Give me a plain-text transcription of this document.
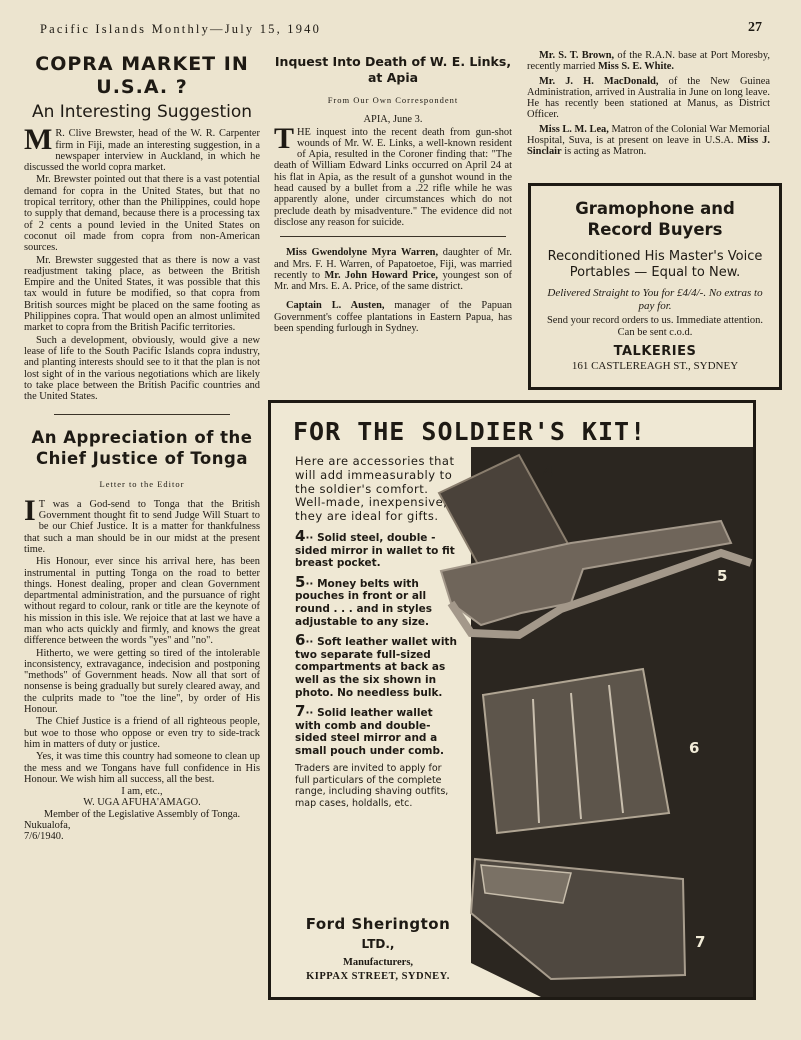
Pacific Islands Monthly—July 15, 1940	27
COPRA MARKET IN U.S.A. ?
An Interesting Suggestion

M R. Clive Brewster, head of the W. R. Carpenter firm in Fiji, made an interesting suggestion, in a newspaper interview in Auckland, in which he discussed the world copra market.

Mr. Brewster pointed out that there is a vast potential demand for copra in the United States, but that no tropical territory, other than the Philippines, could hope to supply that demand, because there is a processing tax of 2 cents a pound levied in the United States on coconut oil made from copra from non-American sources.

Mr. Brewster suggested that as there is now a vast readjustment taking place, as between the British Empire and the United States, it was possible that this tax would in future be modified, so that copra from British sources might be placed on the same footing as Philippines copra. That would open an almost unlimited market to copra from the British Pacific territories.

Such a development, obviously, would give a new lease of life to the South Pacific Islands copra industry, and planting interests should see to it that the plan is not lost sight of in the various negotiations which are likely to take place between the British Pacific countries and the United States.

An Appreciation of the Chief Justice of Tonga
Letter to the Editor

I T was a God-send to Tonga that the British Government thought fit to send Judge Will Stuart to be our Chief Justice. It is a matter for thankfulness that such a man should be in our midst at the present time.

His Honour, ever since his arrival here, has been instrumental in putting Tonga on the road to better things. Honest dealing, proper and clean Government departmental administration, and the pursuance of right without regard to colour, rank or title are the keynote of his mission in this isle. We rejoice that at last we have a man who acts quickly and firmly, and knows the great difference between the words "yes" and "no".

Hitherto, we were getting so tired of the intolerable inconsistency, extravagance, indecision and postponing "methods" of Government heads. Now all that sort of nonsense is being gradually but surely cleared away, and the culprits made to "toe the line", by order of His Honour.

The Chief Justice is a friend of all righteous people, but woe to those who oppose or even try to side-track him in matters of duty or justice.

Yes, it was time this country had someone to clean up the mess and we Tongans have full confidence in His Honour. We wish him all success, all the best.

I am, etc.,
W. UGA AFUHA'AMAGO.
Member of the Legislative Assembly of Tonga.
Nukualofa,
7/6/1940.
Inquest Into Death of W. E. Links, at Apia
From Our Own Correspondent
APIA, June 3.

THE inquest into the recent death from gun-shot wounds of Mr. W. E. Links, a well-known resident of Apia, resulted in the Coroner finding that: "The death of William Edward Links occurred on April 24 at his flat in Apia, as the result of a gunshot wound in the head caused by a bullet from a .22 rifle while he was apparently alone, under circumstances which do not preclude death by misadventure." The evidence did not disclose any reason for suicide.

Miss Gwendolyne Myra Warren, daughter of Mr. and Mrs. F. H. Warren, of Papatoetoe, Fiji, was married recently to Mr. John Howard Price, youngest son of Mr. and Mrs. E. A. Price, of the same district.

Captain L. Austen, manager of the Papuan Government's coffee plantations in Eastern Papua, has been spending furlough in Sydney.

Mr. S. T. Brown, of the R.A.N. base at Port Moresby, recently married Miss S. E. White.

Mr. J. H. MacDonald, of the New Guinea Administration, arrived in Australia in June on long leave. He has recently been stationed at Manus, as District Officer.

Miss L. M. Lea, Matron of the Colonial War Memorial Hospital, Suva, is at present on leave in U.S.A. Miss J. Sinclair is acting as Matron.

Gramophone and Record Buyers
Reconditioned His Master's Voice Portables — Equal to New.
Delivered Straight to You for £4/4/-. No extras to pay for.
Send your record orders to us. Immediate attention. Can be sent c.o.d.
TALKERIES
161 CASTLEREAGH ST., SYDNEY
FOR THE SOLDIER'S KIT!
Here are accessories that will add immeasurably to the soldier's comfort. Well-made, inexpensive, they are ideal for gifts.
4·· Solid steel, double - sided mirror in wallet to fit breast pocket.
5·· Money belts with pouches in front or all round . . . and in styles adjustable to any size.
6·· Soft leather wallet with two separate full-sized compartments at back as well as the six shown in photo. No needless bulk.
7·· Solid leather wallet with comb and double-sided steel mirror and a small pouch under comb.
Traders are invited to apply for full particulars of the complete range, including shaving outfits, map cases, holdalls, etc.
Ford Sherington
LTD.,
Manufacturers,
KIPPAX STREET, SYDNEY.
4
5
6
7
